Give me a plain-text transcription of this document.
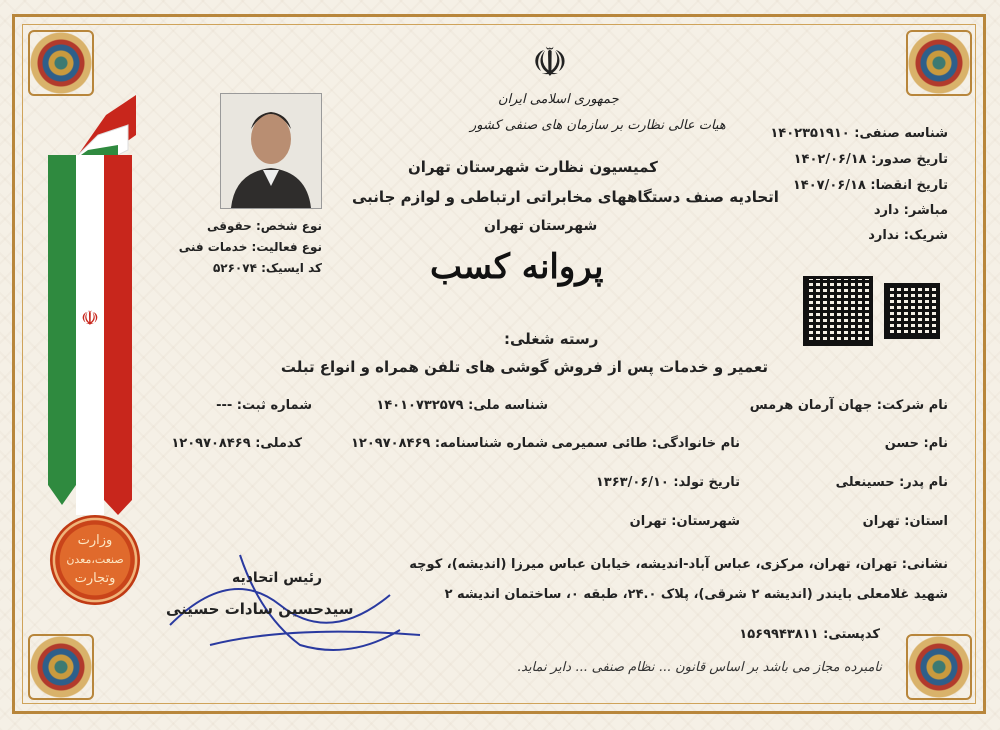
☫
☫
جمهوری اسلامی ایران
هیات عالی نظارت بر سازمان های صنفی کشور
کمیسیون نظارت شهرستان تهران
اتحادیه صنف دستگاههای مخابراتی ارتباطی و لوازم جانبی
شهرستان تهران
پروانه کسب
شناسه صنفی: ۱۴۰۲۳۵۱۹۱۰
تاریخ صدور: ۱۴۰۲/۰۶/۱۸
تاریخ انقضا: ۱۴۰۷/۰۶/۱۸
مباشر: دارد
شریک: ندارد
نوع شخص: حقوقی
نوع فعالیت: خدمات فنی
کد ایسیک: ۵۲۶۰۷۴
رسته شغلی:
تعمیر و خدمات پس از فروش گوشی های تلفن همراه و انواع تبلت
نام شرکت: جهان آرمان هرمس
شناسه ملی: ۱۴۰۱۰۷۳۲۵۷۹
شماره ثبت: ---
نام: حسن
نام خانوادگی: طائی سمیرمی
شماره شناسنامه: ۱۲۰۹۷۰۸۴۶۹
کدملی: ۱۲۰۹۷۰۸۴۶۹
نام پدر: حسینعلی
تاریخ تولد: ۱۳۶۳/۰۶/۱۰
استان: تهران
شهرستان: تهران
نشانی: تهران، تهران، مرکزی، عباس آباد-اندیشه، خیابان عباس میرزا (اندیشه)، کوچه
شهید غلامعلی بایندر (اندیشه ۲ شرقی)، پلاک ۲۴.۰، طبقه ۰، ساختمان اندیشه ۲
کدپستی: ۱۵۶۹۹۴۳۸۱۱
رئیس اتحادیه
سیدحسین سادات حسینی
وزارت
صنعت،معدن
وتجارت
نامبرده مجاز می باشد بر اساس قانون ... نظام صنفی ... دایر نماید.
